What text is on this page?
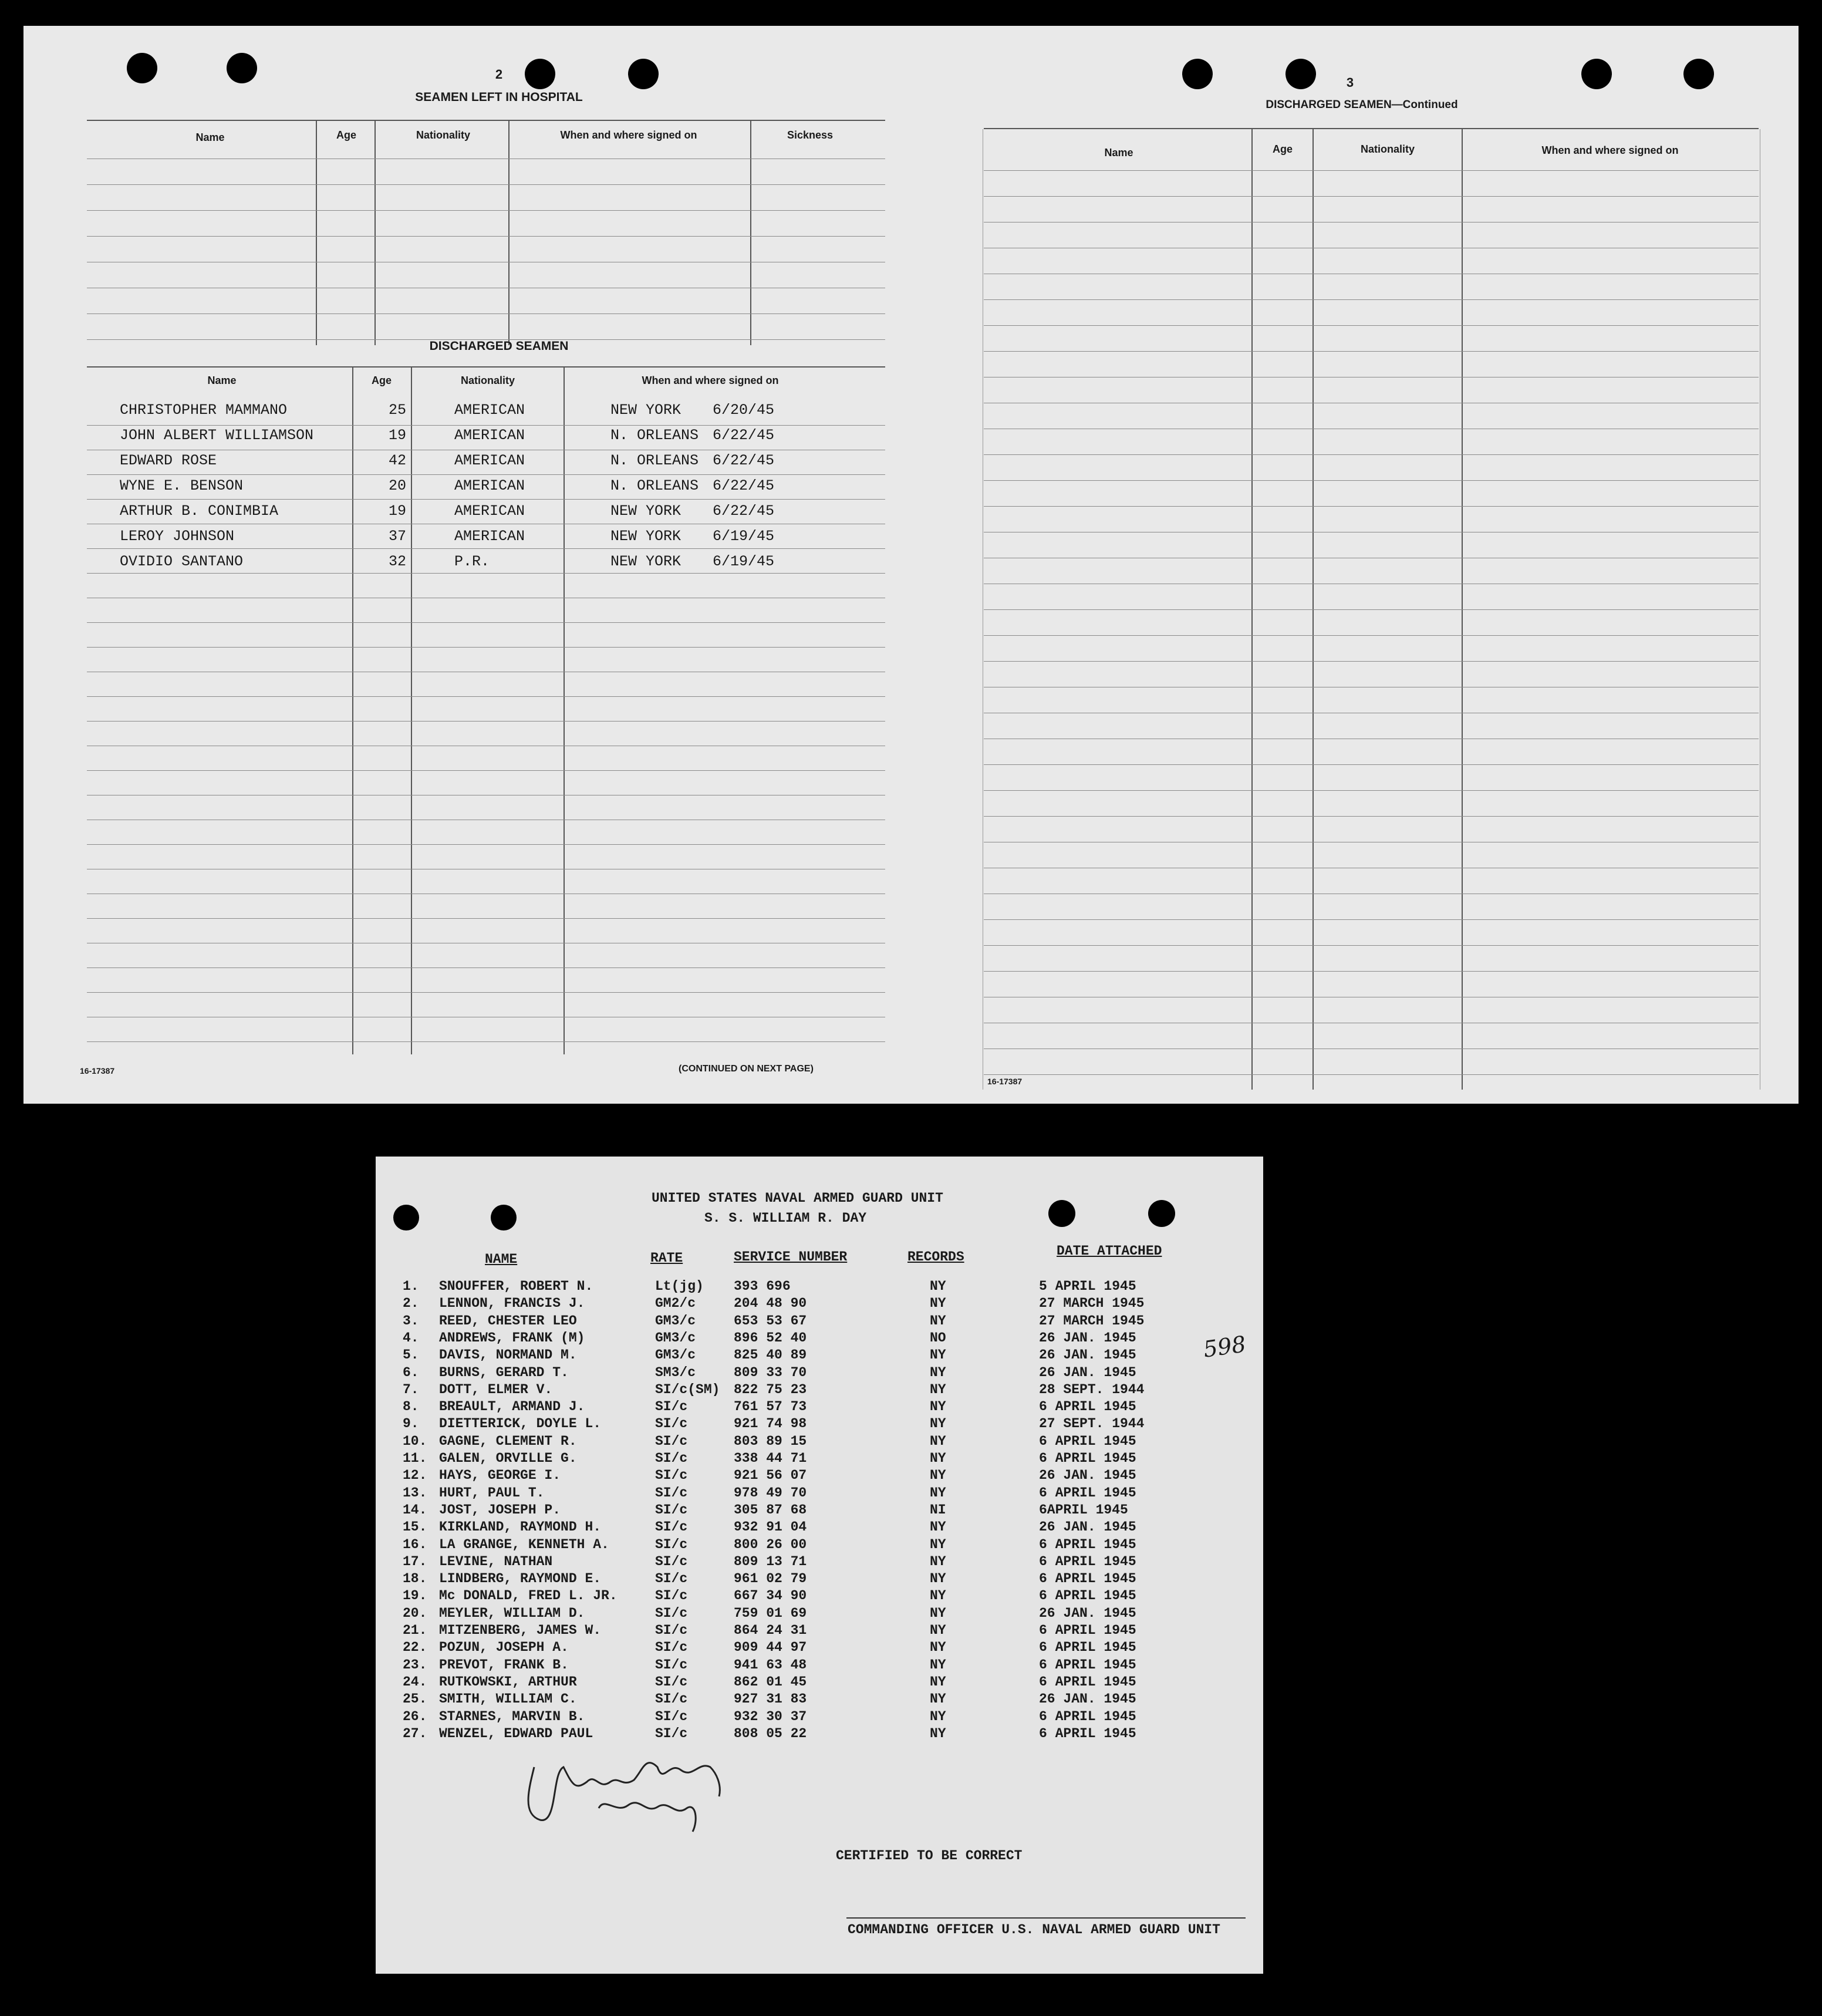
2
SEAMEN LEFT IN HOSPITAL
Name	Age	Nationality	When and where signed on	Sickness
DISCHARGED SEAMEN
Name	Age	Nationality	When and where signed on
CHRISTOPHER MAMMANO	25	AMERICAN	NEW YORK 6/20/45
JOHN ALBERT WILLIAMSON	19	AMERICAN	N. ORLEANS 6/22/45
EDWARD ROSE	42	AMERICAN	N. ORLEANS 6/22/45
WYNE E. BENSON	20	AMERICAN	N. ORLEANS 6/22/45
ARTHUR B. CONIMBIA	19	AMERICAN	NEW YORK 6/22/45
LEROY JOHNSON	37	AMERICAN	NEW YORK 6/19/45
OVIDIO SANTANO	32	P.R.	NEW YORK 6/19/45
16-17387	(CONTINUED ON NEXT PAGE)
3
DISCHARGED SEAMEN—Continued
Name	Age	Nationality	When and where signed on
16-17387
UNITED STATES NAVAL ARMED GUARD UNIT
S. S. WILLIAM R. DAY
NAME	RATE	SERVICE NUMBER	RECORDS	DATE ATTACHED
598
1. SNOUFFER, ROBERT N.	Lt(jg) 393 696	NY	5 APRIL 1945
2. LENNON, FRANCIS J.	GM2/c	204 48 90	NY	27 MARCH 1945
3. REED, CHESTER LEO	GM3/c	653 53 67	NY	27 MARCH 1945
4. ANDREWS, FRANK (M)	GM3/c	896 52 40	NO	26 JAN. 1945
5. DAVIS, NORMAND M.	GM3/c	825 40 89	NY	26 JAN. 1945
6. BURNS, GERARD T.	SM3/c	809 33 70	NY	26 JAN. 1945
7. DOTT, ELMER V.	SI/c(SM) 822 75 23	NY	28 SEPT. 1944
8. BREAULT, ARMAND J.	SI/c	761 57 73	NY	6 APRIL 1945
9. DIETTERICK, DOYLE L.	SI/c	921 74 98	NY	27 SEPT. 1944
10. GAGNE, CLEMENT R.	SI/c	803 89 15	NY	6 APRIL 1945
11. GALEN, ORVILLE G.	SI/c	338 44 71	NY	6 APRIL 1945
12. HAYS, GEORGE I.	SI/c	921 56 07	NY	26 JAN. 1945
13. HURT, PAUL T.	SI/c	978 49 70	NY	6 APRIL 1945
14. JOST, JOSEPH P.	SI/c	305 87 68	NI	6APRIL 1945
15. KIRKLAND, RAYMOND H.	SI/c	932 91 04	NY	26 JAN. 1945
16. LA GRANGE, KENNETH A.	SI/c	800 26 00	NY	6 APRIL 1945
17. LEVINE, NATHAN	SI/c	809 13 71	NY	6 APRIL 1945
18. LINDBERG, RAYMOND E.	SI/c	961 02 79	NY	6 APRIL 1945
19. Mc DONALD, FRED L. JR.	SI/c	667 34 90	NY	6 APRIL 1945
20. MEYLER, WILLIAM D.	SI/c	759 01 69	NY	26 JAN. 1945
21. MITZENBERG, JAMES W.	SI/c	864 24 31	NY	6 APRIL 1945
22. POZUN, JOSEPH A.	SI/c	909 44 97	NY	6 APRIL 1945
23. PREVOT, FRANK B.	SI/c	941 63 48	NY	6 APRIL 1945
24. RUTKOWSKI, ARTHUR	SI/c	862 01 45	NY	6 APRIL 1945
25. SMITH, WILLIAM C.	SI/c	927 31 83	NY	26 JAN. 1945
26. STARNES, MARVIN B.	SI/c	932 30 37	NY	6 APRIL 1945
27. WENZEL, EDWARD PAUL	SI/c	808 05 22	NY	6 APRIL 1945
CERTIFIED TO BE CORRECT
COMMANDING OFFICER U.S. NAVAL ARMED GUARD UNIT
